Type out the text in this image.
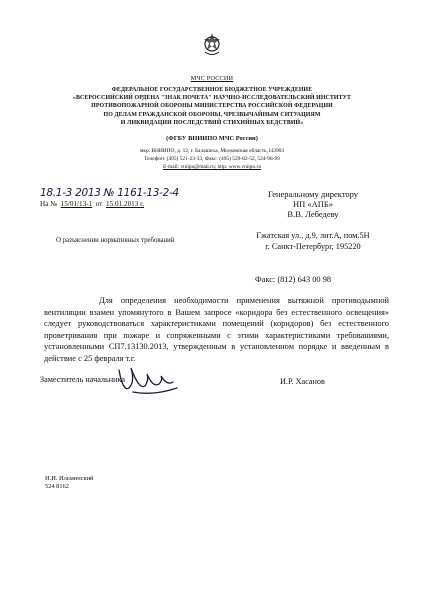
МЧС РОССИИ
ФЕДЕРАЛЬНОЕ ГОСУДАРСТВЕННОЕ БЮДЖЕТНОЕ УЧРЕЖДЕНИЕ
«ВСЕРОССИЙСКИЙ ОРДЕНА "ЗНАК ПОЧЕТА" НАУЧНО-ИССЛЕДОВАТЕЛЬСКИЙ ИНСТИТУТ
ПРОТИВОПОЖАРНОЙ ОБОРОНЫ МИНИСТЕРСТВА РОССИЙСКОЙ ФЕДЕРАЦИИ
ПО ДЕЛАМ ГРАЖДАНСКОЙ ОБОРОНЫ, ЧРЕЗВЫЧАЙНЫМ СИТУАЦИЯМ
И ЛИКВИДАЦИИ ПОСЛЕДСТВИЙ СТИХИЙНЫХ БЕДСТВИЙ»
(ФГБУ ВНИИПО МЧС России)
мкр. ВНИИПО, д. 12, г. Балашиха, Московская область,143903
Телефон: (495) 521-23-33, Факс: (495) 529-82-52, 524-98-99
E-mail: vniipo@mail.ru; http: www.vniipo.ru
18.1-3 2013 № 1161-13-2-4
На № 15/01/13-1 от 15.01.2013 г.
О разъяснении нормативных требований
Генеральному директору
НП «АПБ»
В.В. Лебедеву
Гжатская ул., д.9, лит.А, пом.5Н
г. Санкт-Петербург, 195220
Факс: (812) 643 00 98
Для определения необходимости применения вытяжной противодымной вентиляции взамен упомянутого в Вашем запросе «коридора без естественного освещения» следует руководствоваться характеристиками помещений (коридоров) без естественного проветривания при пожаре и сопряженными с этими характеристиками требованиями, установленными СП7.13130.2013, утвержденным в установленном порядке и введенным в действие с 25 февраля т.г.
Заместитель начальника	И.Р. Хасанов
И.И. Ильминский
524 8162
